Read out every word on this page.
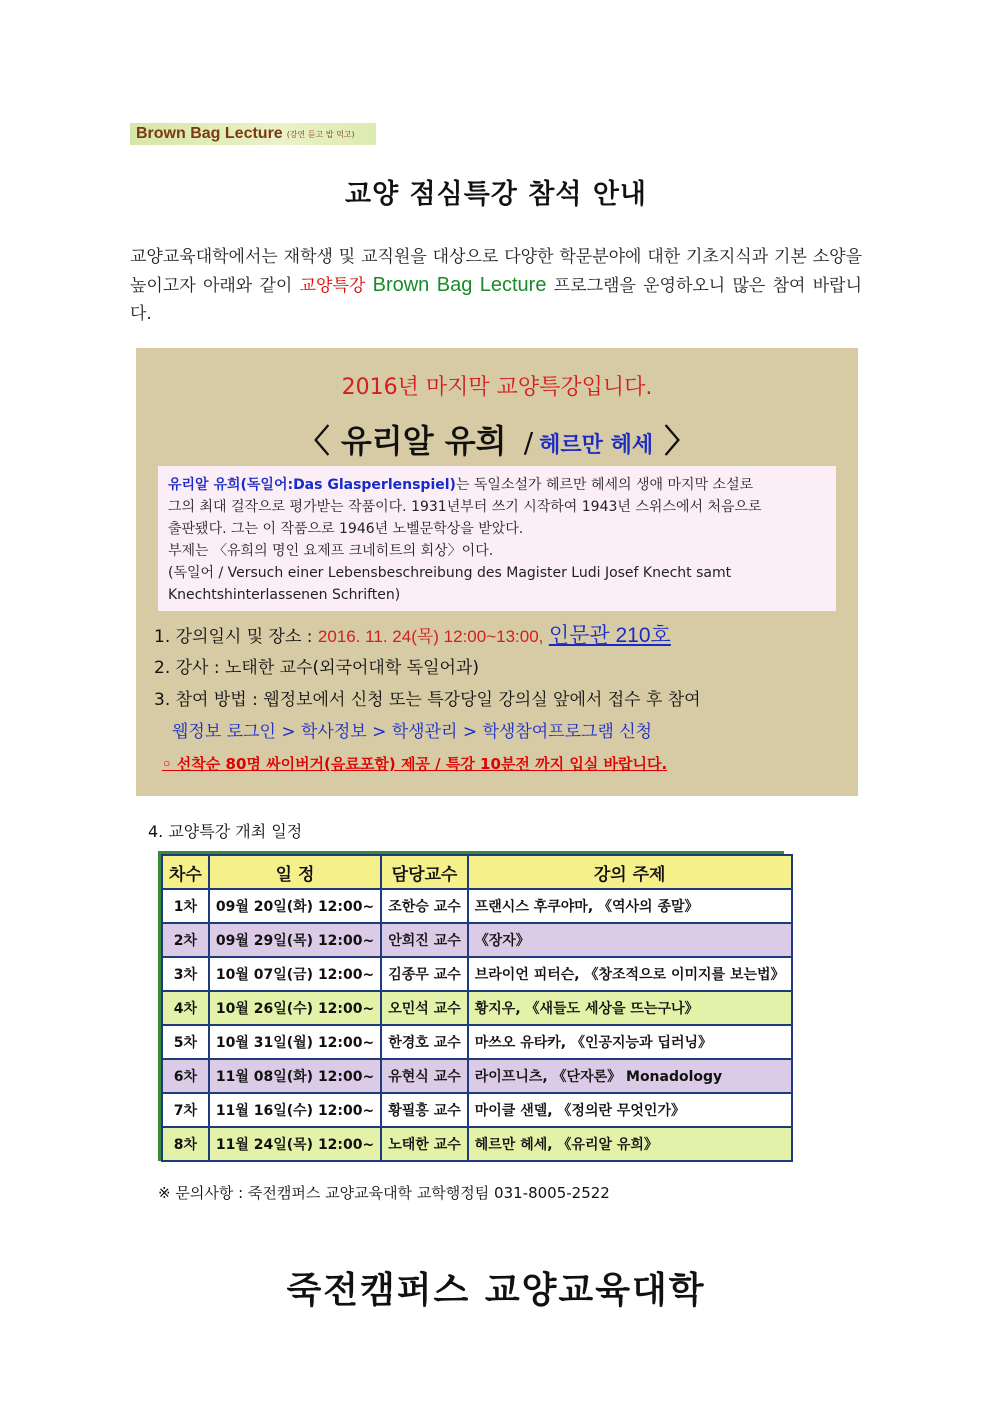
Brown Bag Lecture (강연 듣고 밥 먹고)
교양 점심특강 참석 안내
교양교육대학에서는 재학생 및 교직원을 대상으로 다양한 학문분야에 대한 기초지식과 기본 소양을 높이고자 아래와 같이 교양특강 Brown Bag Lecture 프로그램을 운영하오니 많은 참여 바랍니다.
2016년 마지막 교양특강입니다.
〈 유리알 유희 / 헤르만 헤세 〉
유리알 유희(독일어:Das Glasperlenspiel)는 독일소설가 헤르만 헤세의 생애 마지막 소설로
그의 최대 걸작으로 평가받는 작품이다. 1931년부터 쓰기 시작하여 1943년 스위스에서 처음으로
출판됐다. 그는 이 작품으로 1946년 노벨문학상을 받았다.
부제는 〈유희의 명인 요제프 크네히트의 회상〉이다.
(독일어 / Versuch einer Lebensbeschreibung des Magister Ludi Josef Knecht samt
Knechtshinterlassenen Schriften)
1. 강의일시 및 장소 : 2016. 11. 24(목) 12:00~13:00, 인문관 210호
2. 강사 : 노태한 교수(외국어대학 독일어과)
3. 참여 방법 : 웹정보에서 신청 또는 특강당일 강의실 앞에서 접수 후 참여
웹정보 로그인 > 학사정보 > 학생관리 > 학생참여프로그램 신청
◦ 선착순 80명 싸이버거(음료포함) 제공 / 특강 10분전 까지 입실 바랍니다.
4. 교양특강 개최 일정
차수	일 정	담당교수	강의 주제
1차	09월 20일(화) 12:00~	조한승 교수	프랜시스 후쿠야마, 《역사의 종말》
2차	09월 29일(목) 12:00~	안희진 교수	《장자》
3차	10월 07일(금) 12:00~	김종무 교수	브라이언 피터슨, 《창조적으로 이미지를 보는법》
4차	10월 26일(수) 12:00~	오민석 교수	황지우, 《새들도 세상을 뜨는구나》
5차	10월 31일(월) 12:00~	한경호 교수	마쓰오 유타카, 《인공지능과 딥러닝》
6차	11월 08일(화) 12:00~	유현식 교수	라이프니츠, 《단자론》 Monadology
7차	11월 16일(수) 12:00~	황필홍 교수	마이클 샌델, 《정의란 무엇인가》
8차	11월 24일(목) 12:00~	노태한 교수	헤르만 헤세, 《유리알 유희》
※ 문의사항 : 죽전캠퍼스 교양교육대학 교학행정팀 031-8005-2522
죽전캠퍼스 교양교육대학
